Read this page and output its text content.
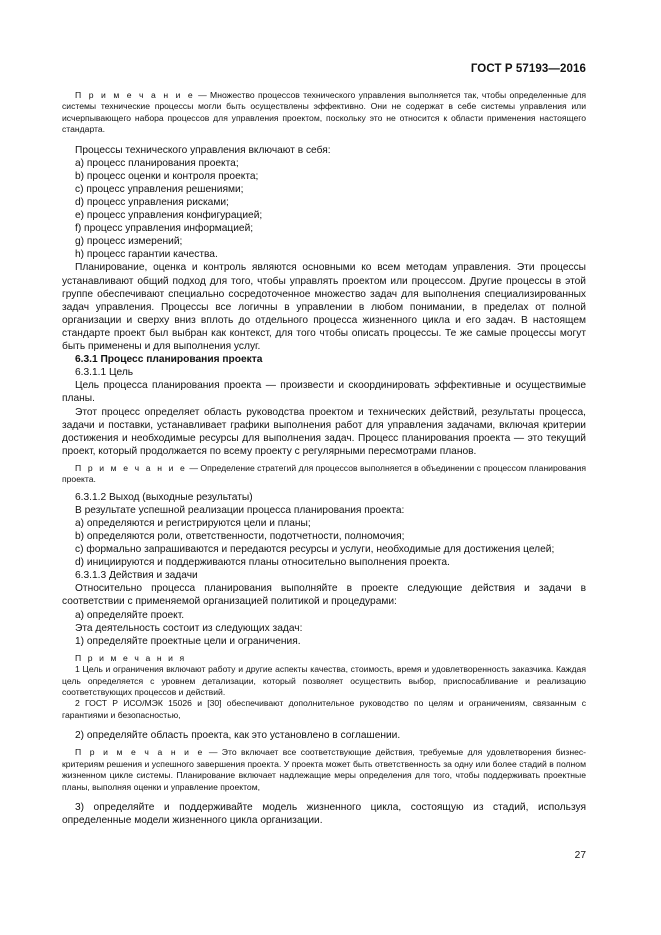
ГОСТ Р 57193—2016

П р и м е ч а н и е — Множество процессов технического управления выполняется так, чтобы определенные для системы технические процессы могли быть осуществлены эффективно. Они не содержат в себе системы управления или исчерпывающего набора процессов для управления проектом, поскольку это не относится к области применения настоящего стандарта.

Процессы технического управления включают в себя:

a) процесс планирования проекта;

b) процесс оценки и контроля проекта;

c) процесс управления решениями;

d) процесс управления рисками;

e) процесс управления конфигурацией;

f) процесс управления информацией;

g) процесс измерений;

h) процесс гарантии качества.

Планирование, оценка и контроль являются основными ко всем методам управления. Эти процессы устанавливают общий подход для того, чтобы управлять проектом или процессом. Другие процессы в этой группе обеспечивают специально сосредоточенное множество задач для выполнения специализированных задач управления. Процессы все логичны в управлении в любом понимании, в пределах от полной организации и сверху вниз вплоть до отдельного процесса жизненного цикла и его задач. В настоящем стандарте проект был выбран как контекст, для того чтобы описать процессы. Те же самые процессы могут быть применены и для выполнения услуг.

6.3.1 Процесс планирования проекта

6.3.1.1 Цель

Цель процесса планирования проекта — произвести и скоординировать эффективные и осуществимые планы.

Этот процесс определяет область руководства проектом и технических действий, результаты процесса, задачи и поставки, устанавливает графики выполнения работ для управления задачами, включая критерии достижения и необходимые ресурсы для выполнения задач. Процесс планирования проекта — это текущий проект, который продолжается по всему проекту с регулярными пересмотрами планов.

П р и м е ч а н и е — Определение стратегий для процессов выполняется в объединении с процессом планирования проекта.

6.3.1.2 Выход (выходные результаты)

В результате успешной реализации процесса планирования проекта:

a) определяются и регистрируются цели и планы;

b) определяются роли, ответственности, подотчетности, полномочия;

c) формально запрашиваются и передаются ресурсы и услуги, необходимые для достижения целей;

d) инициируются и поддерживаются планы относительно выполнения проекта.

6.3.1.3 Действия и задачи

Относительно процесса планирования выполняйте в проекте следующие действия и задачи в соответствии с применяемой организацией политикой и процедурами:

a) определяйте проект.

Эта деятельность состоит из следующих задач:

1) определяйте проектные цели и ограничения.

П р и м е ч а н и я

1 Цель и ограничения включают работу и другие аспекты качества, стоимость, время и удовлетворенность заказчика. Каждая цель определяется с уровнем детализации, который позволяет осуществить выбор, приспосабливание и реализацию соответствующих процессов и действий.

2 ГОСТ Р ИСО/МЭК 15026 и [30] обеспечивают дополнительное руководство по целям и ограничениям, связанным с гарантиями и безопасностью,

2) определяйте область проекта, как это установлено в соглашении.

П р и м е ч а н и е — Это включает все соответствующие действия, требуемые для удовлетворения бизнес-критериям решения и успешного завершения проекта. У проекта может быть ответственность за одну или более стадий в полном жизненном цикле системы. Планирование включает надлежащие меры определения для того, чтобы поддерживать проектные планы, выполняя оценки и управление проектом,

3) определяйте и поддерживайте модель жизненного цикла, состоящую из стадий, используя определенные модели жизненного цикла организации.

27
